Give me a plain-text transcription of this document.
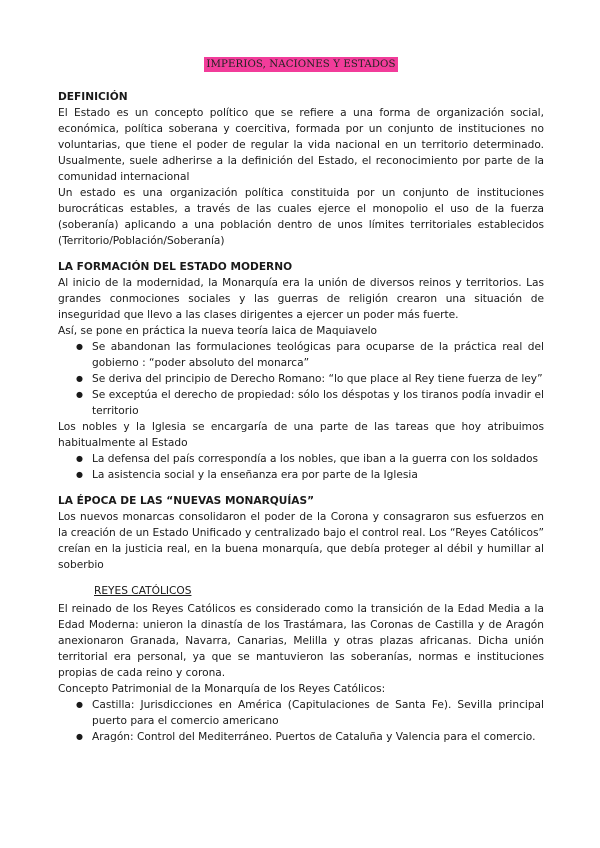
IMPERIOS, NACIONES Y ESTADOS
DEFINICIÓN

El Estado es un concepto político que se refiere a una forma de organización social, económica, política soberana y coercitiva, formada por un conjunto de instituciones no voluntarias, que tiene el poder de regular la vida nacional en un territorio determinado. Usualmente, suele adherirse a la definición del Estado, el reconocimiento por parte de la comunidad internacional

Un estado es una organización política constituida por un conjunto de instituciones burocráticas estables, a través de las cuales ejerce el monopolio el uso de la fuerza (soberanía) aplicando a una población dentro de unos límites territoriales establecidos (Territorio/Población/Soberanía)

LA FORMACIÓN DEL ESTADO MODERNO

Al inicio de la modernidad, la Monarquía era la unión de diversos reinos y territorios. Las grandes conmociones sociales y las guerras de religión crearon una situación de inseguridad que llevo a las clases dirigentes a ejercer un poder más fuerte.

Así, se pone en práctica la nueva teoría laica de Maquiavelo

● Se abandonan las formulaciones teológicas para ocuparse de la práctica real del gobierno : “poder absoluto del monarca”
● Se deriva del principio de Derecho Romano: “lo que place al Rey tiene fuerza de ley”
● Se exceptúa el derecho de propiedad: sólo los déspotas y los tiranos podía invadir el territorio

Los nobles y la Iglesia se encargaría de una parte de las tareas que hoy atribuimos habitualmente al Estado

● La defensa del país correspondía a los nobles, que iban a la guerra con los soldados
● La asistencia social y la enseñanza era por parte de la Iglesia
LA ÉPOCA DE LAS “NUEVAS MONARQUÍAS”

Los nuevos monarcas consolidaron el poder de la Corona y consagraron sus esfuerzos en la creación de un Estado Unificado y centralizado bajo el control real. Los “Reyes Católicos” creían en la justicia real, en la buena monarquía, que debía proteger al débil y humillar al soberbio

REYES CATÓLICOS

El reinado de los Reyes Católicos es considerado como la transición de la Edad Media a la Edad Moderna: unieron la dinastía de los Trastámara, las Coronas de Castilla y de Aragón anexionaron Granada, Navarra, Canarias, Melilla y otras plazas africanas. Dicha unión territorial era personal, ya que se mantuvieron las soberanías, normas e instituciones propias de cada reino y corona.

Concepto Patrimonial de la Monarquía de los Reyes Católicos:

● Castilla: Jurisdicciones en América (Capitulaciones de Santa Fe). Sevilla principal puerto para el comercio americano
● Aragón: Control del Mediterráneo. Puertos de Cataluña y Valencia para el comercio.
